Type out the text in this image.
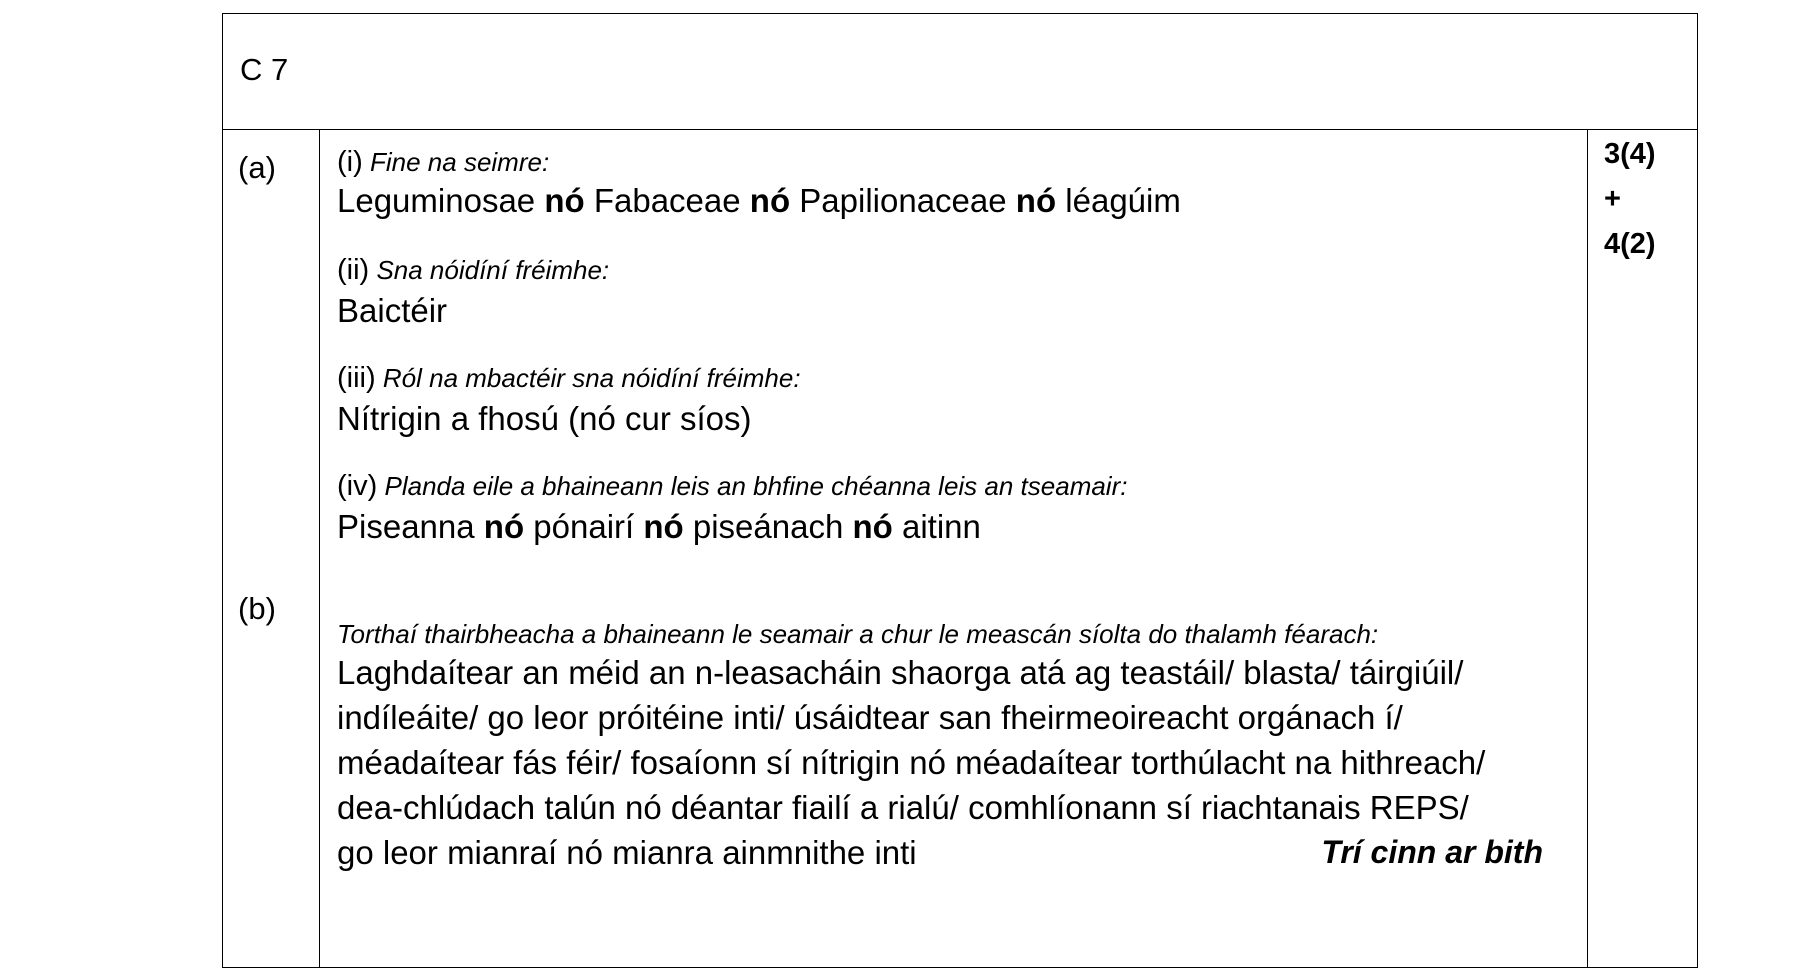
C 7
(a)
(b)
3(4)
+
4(2)
(i) Fine na seimre:
Leguminosae nó Fabaceae nó Papilionaceae nó léagúim
(ii) Sna nóidíní fréimhe:
Baictéir
(iii) Ról na mbactéir sna nóidíní fréimhe:
Nítrigin a fhosú (nó cur síos)
(iv) Planda eile a bhaineann leis an bhfine chéanna leis an tseamair:
Piseanna nó pónairí nó piseánach nó aitinn
Torthaí thairbheacha a bhaineann le seamair a chur le meascán síolta do thalamh féarach:
Laghdaítear an méid an n-leasacháin shaorga atá ag teastáil/ blasta/ táirgiúil/
indíleáite/ go leor próitéine inti/ úsáidtear san fheirmeoireacht orgánach í/
méadaítear fás féir/ fosaíonn sí nítrigin nó méadaítear torthúlacht na hithreach/
dea-chlúdach talún nó déantar fiailí a rialú/ comhlíonann sí riachtanais REPS/
go leor mianraí nó mianra ainmnithe inti	Trí cinn ar bith
